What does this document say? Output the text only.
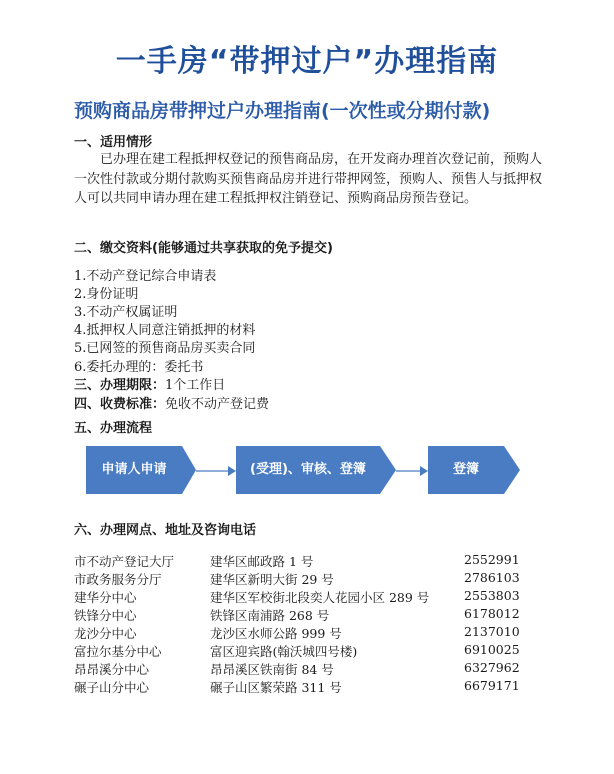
一手房“带押过户”办理指南
预购商品房带押过户办理指南(一次性或分期付款)
一、适用情形
已办理在建工程抵押权登记的预售商品房，在开发商办理首次登记前，预购人一次性付款或分期付款购买预售商品房并进行带押网签，预购人、预售人与抵押权人可以共同申请办理在建工程抵押权注销登记、预购商品房预告登记。
二、缴交资料(能够通过共享获取的免予提交)
1.不动产登记综合申请表
2.身份证明
3.不动产权属证明
4.抵押权人同意注销抵押的材料
5.已网签的预售商品房买卖合同
6.委托办理的：委托书
三、办理期限：1个工作日
四、收费标准：免收不动产登记费
五、办理流程
申请人申请	(受理)、审核、登簿	登簿
六、办理网点、地址及咨询电话
市不动产登记大厅	建华区邮政路 1 号	2552991
市政务服务分厅	建华区新明大街 29 号	2786103
建华分中心	建华区军校街北段奕人花园小区 289 号	2553803
铁锋分中心	铁锋区南浦路 268 号	6178012
龙沙分中心	龙沙区水师公路 999 号	2137010
富拉尔基分中心	富区迎宾路(翰沃城四号楼)	6910025
昂昂溪分中心	昂昂溪区铁南街 84 号	6327962
碾子山分中心	碾子山区繁荣路 311 号	6679171
